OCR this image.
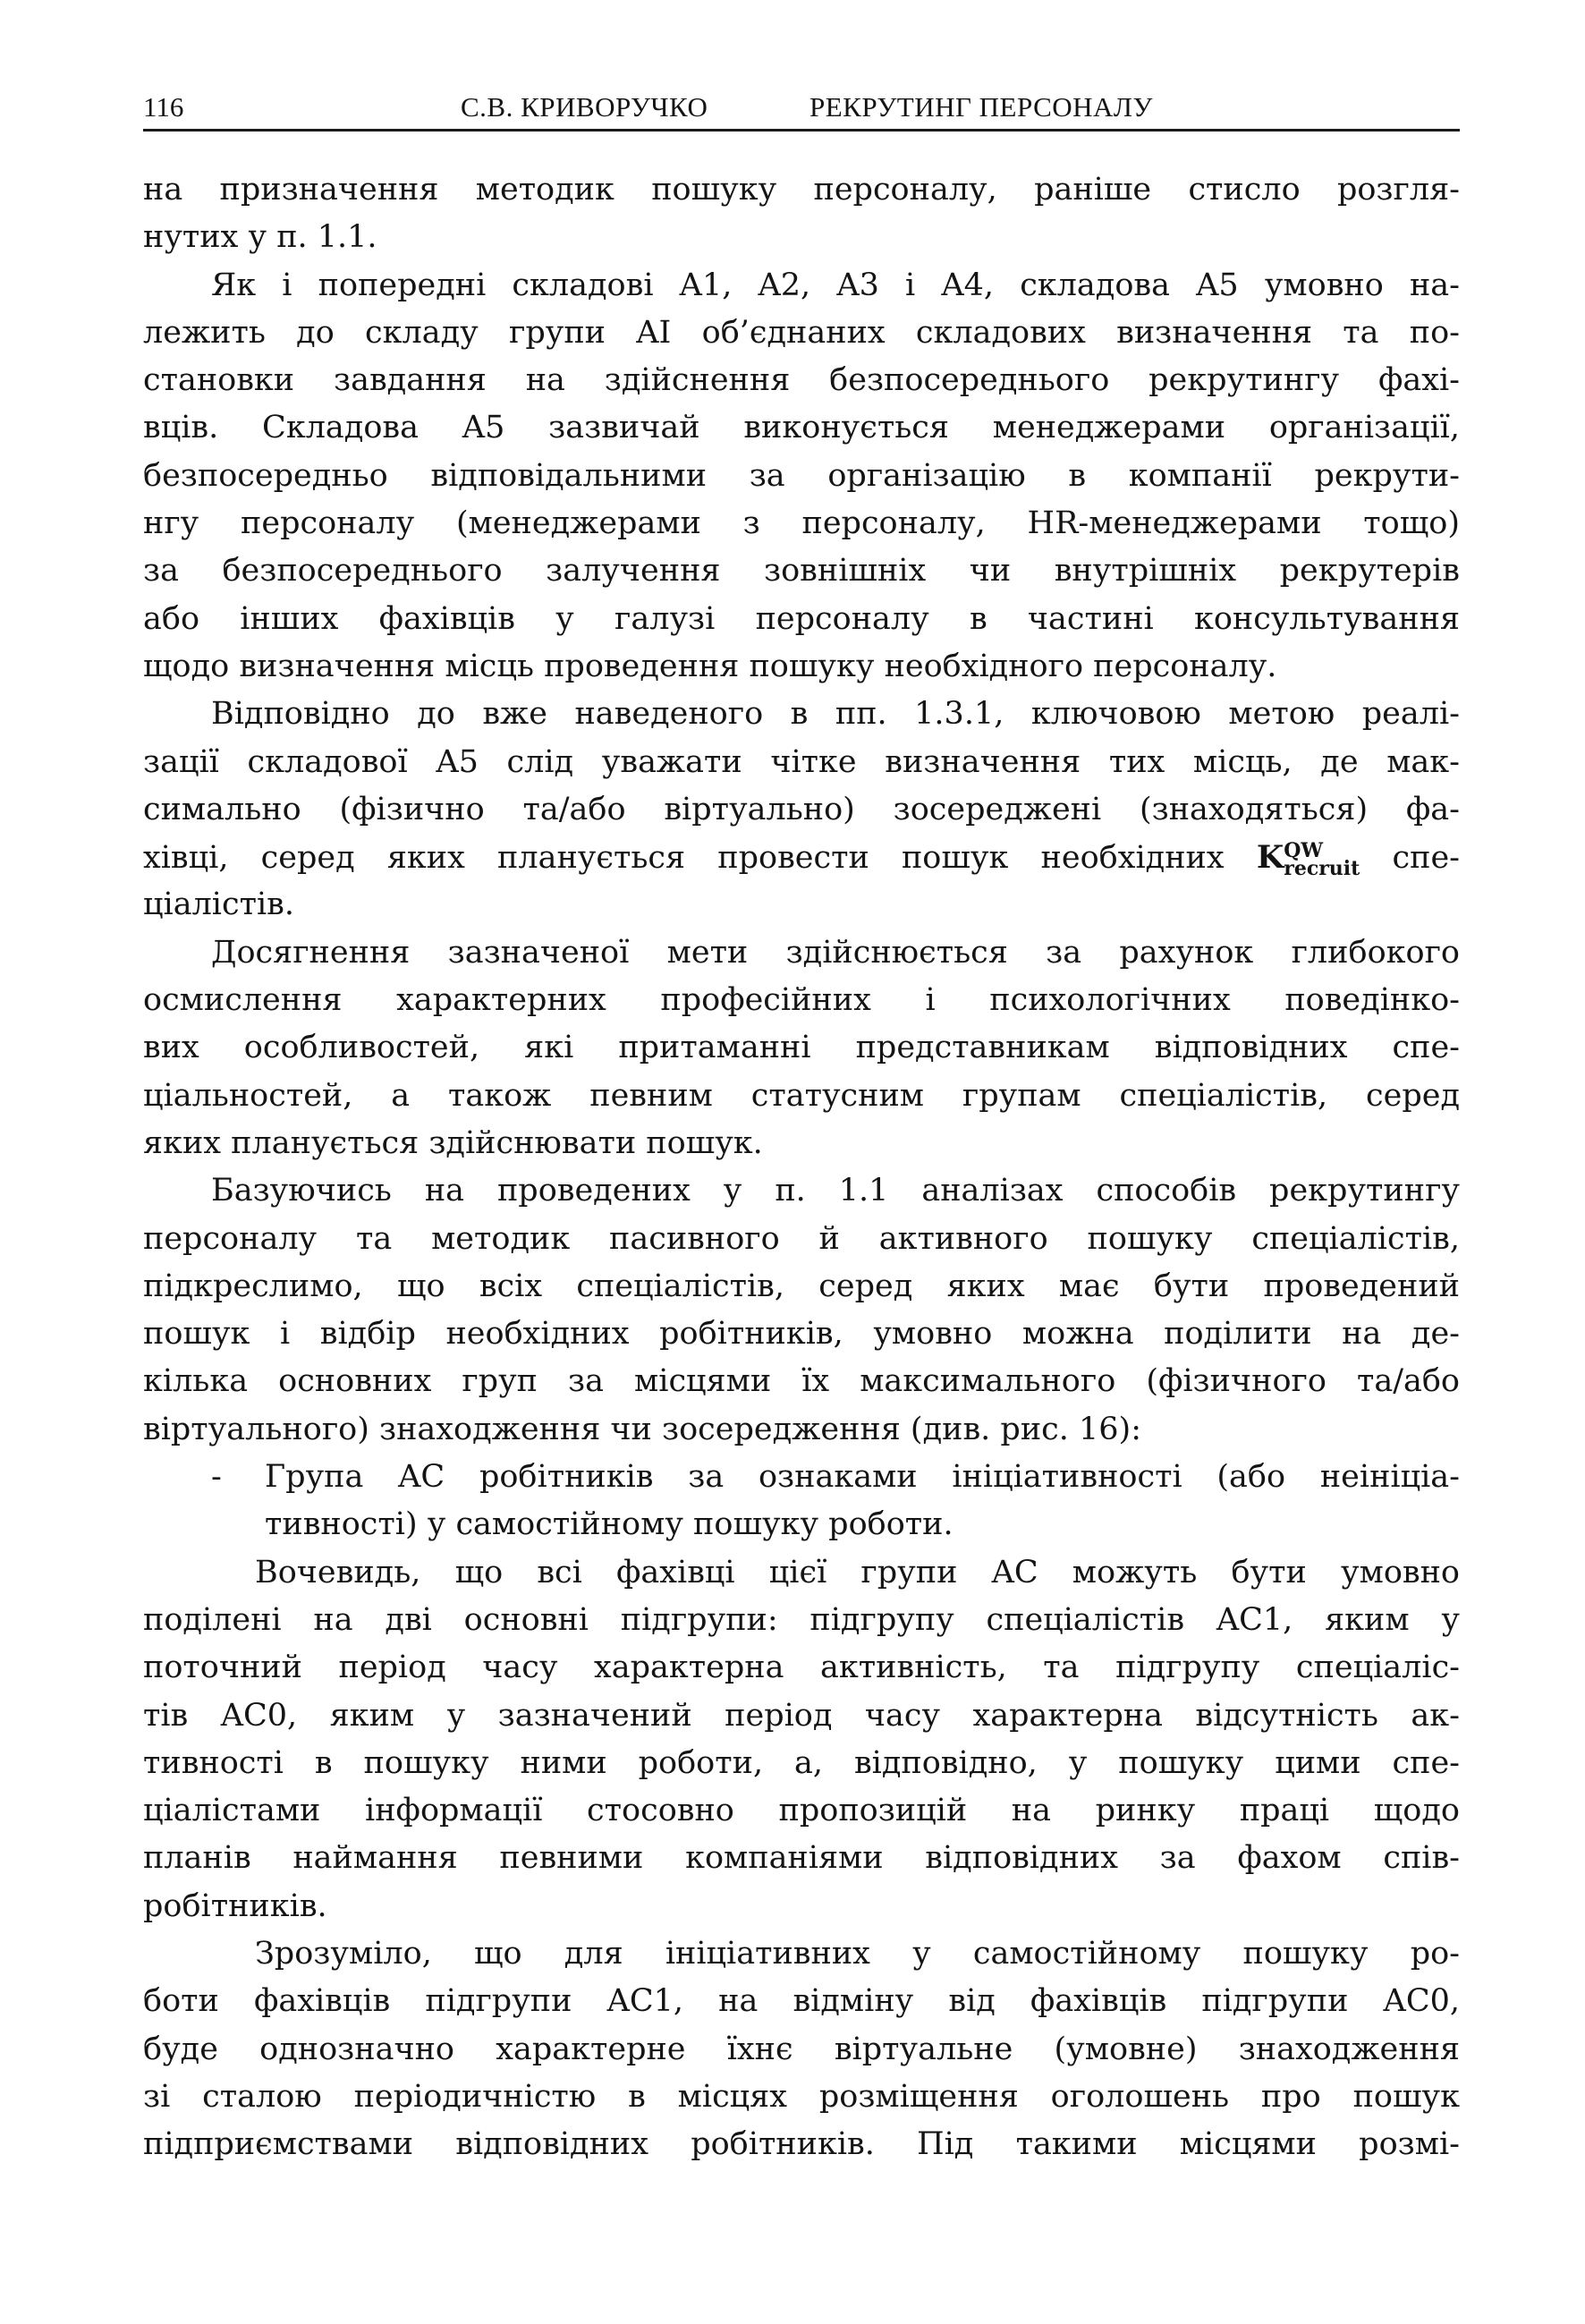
116	С.В. КРИВОРУЧКО	РЕКРУТИНГ ПЕРСОНАЛУ
на призначення методик пошуку персоналу, раніше стисло розгля-
нутих у п. 1.1.
Як і попередні складові A1, A2, A3 і A4, складова A5 умовно на-
лежить до складу групи AI об’єднаних складових визначення та по-
становки завдання на здійснення безпосереднього рекрутингу фахі-
вців. Складова A5 зазвичай виконується менеджерами організації,
безпосередньо відповідальними за організацію в компанії рекрути-
нгу персоналу (менеджерами з персоналу, HR-менеджерами тощо)
за безпосереднього залучення зовнішніх чи внутрішніх рекрутерів
або інших фахівців у галузі персоналу в частині консультування
щодо визначення місць проведення пошуку необхідного персоналу.
Відповідно до вже наведеного в пп. 1.3.1, ключовою метою реалі-
зації складової A5 слід уважати чітке визначення тих місць, де мак-
симально (фізично та/або віртуально) зосереджені (знаходяться) фа-
хівці, серед яких планується провести пошук необхідних K QW
recruit спе-
ціалістів.
Досягнення зазначеної мети здійснюється за рахунок глибокого
осмислення характерних професійних і психологічних поведінко-
вих особливостей, які притаманні представникам відповідних спе-
ціальностей, а також певним статусним групам спеціалістів, серед
яких планується здійснювати пошук.
Базуючись на проведених у п. 1.1 аналізах способів рекрутингу
персоналу та методик пасивного й активного пошуку спеціалістів,
підкреслимо, що всіх спеціалістів, серед яких має бути проведений
пошук і відбір необхідних робітників, умовно можна поділити на де-
кілька основних груп за місцями їх максимального (фізичного та/або
віртуального) знаходження чи зосередження (див. рис. 16):
- Група AC робітників за ознаками ініціативності (або неініціа-
тивності) у самостійному пошуку роботи.
Вочевидь, що всі фахівці цієї групи AC можуть бути умовно
поділені на дві основні підгрупи: підгрупу спеціалістів AC1, яким у
поточний період часу характерна активність, та підгрупу спеціаліс-
тів AC0, яким у зазначений період часу характерна відсутність ак-
тивності в пошуку ними роботи, а, відповідно, у пошуку цими спе-
ціалістами інформації стосовно пропозицій на ринку праці щодо
планів наймання певними компаніями відповідних за фахом спів-
робітників.
Зрозуміло, що для ініціативних у самостійному пошуку ро-
боти фахівців підгрупи AC1, на відміну від фахівців підгрупи AC0,
буде однозначно характерне їхнє віртуальне (умовне) знаходження
зі сталою періодичністю в місцях розміщення оголошень про пошук
підприємствами відповідних робітників. Під такими місцями розмі-
